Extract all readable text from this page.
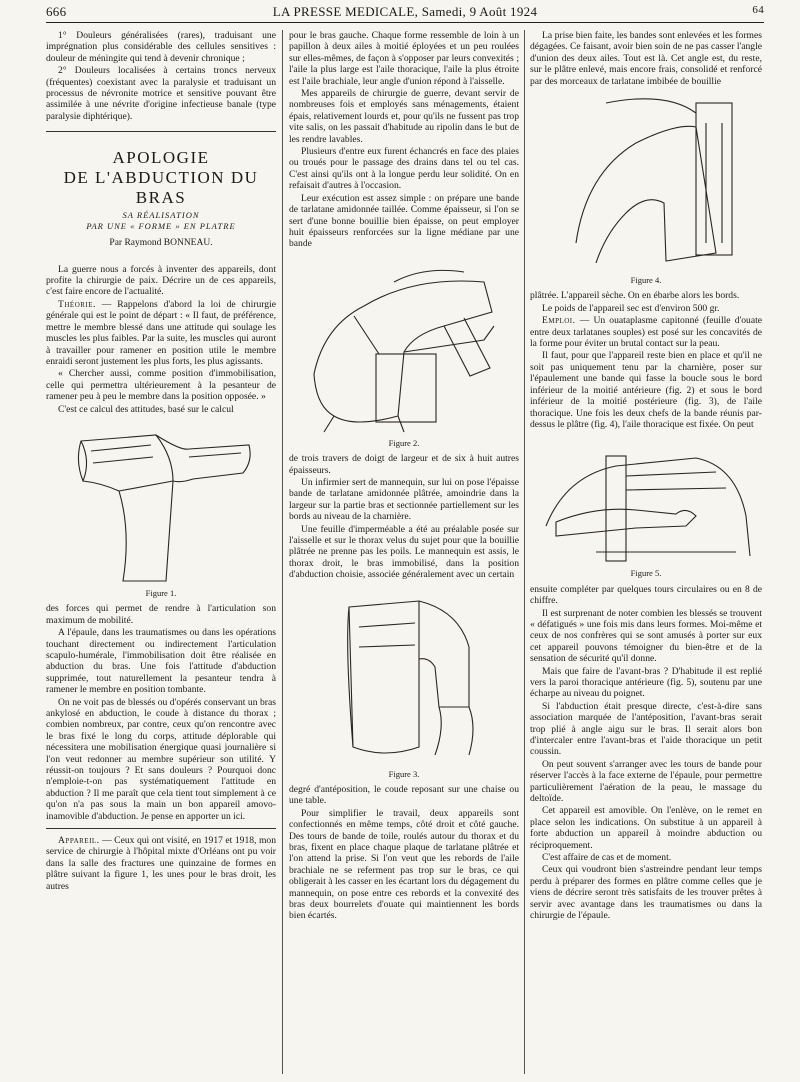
666	LA PRESSE MEDICALE, Samedi, 9 Août 1924	64

1° Douleurs généralisées (rares), traduisant une imprégnation plus considérable des cellules sensitives : douleur de méningite qui tend à devenir chronique ;

2° Douleurs localisées à certains troncs nerveux (fréquentes) coexistant avec la paralysie et traduisant un processus de névronite motrice et sensitive pouvant être assimilée à une névrite d'origine infectieuse banale (type paralysie diphtérique).

APOLOGIE
DE L'ABDUCTION DU BRAS

SA RÉALISATION
PAR UNE « FORME » EN PLATRE

Par Raymond BONNEAU.

La guerre nous a forcés à inventer des appareils, dont profite la chirurgie de paix. Décrire un de ces appareils, c'est faire encore de l'actualité.

Théorie. — Rappelons d'abord la loi de chirurgie générale qui est le point de départ : « Il faut, de préférence, mettre le membre blessé dans une attitude qui soulage les muscles les plus faibles. Par la suite, les muscles qui auront à travailler pour ramener en position utile le membre enraidi seront justement les plus forts, les plus agissants.

« Chercher aussi, comme position d'immobilisation, celle qui permettra ultérieurement à la pesanteur de ramener peu à peu le membre dans la position opposée. »

C'est ce calcul des attitudes, basé sur le calcul

Figure 1.

des forces qui permet de rendre à l'articulation son maximum de mobilité.

A l'épaule, dans les traumatismes ou dans les opérations touchant directement ou indirectement l'articulation scapulo-humérale, l'immobilisation doit être réalisée en abduction du bras. Une fois l'attitude d'abduction supprimée, tout naturellement la pesanteur tendra à ramener le membre en position tombante.

On ne voit pas de blessés ou d'opérés conservant un bras ankylosé en abduction, le coude à distance du thorax ; combien nombreux, par contre, ceux qu'on rencontre avec le bras fixé le long du corps, attitude déplorable qui nécessitera une mobilisation énergique quasi journalière si l'on veut redonner au membre supérieur son utilité. Y réussit-on toujours ? Et sans douleurs ? Pourquoi donc n'emploie-t-on pas systématiquement l'attitude en abduction ? Il me paraît que cela tient tout simplement à ce qu'on n'a pas sous la main un bon appareil amovo-inamovible d'abduction. Je pense en apporter un ici.

Appareil. — Ceux qui ont visité, en 1917 et 1918, mon service de chirurgie à l'hôpital mixte d'Orléans ont pu voir dans la salle des fractures une quinzaine de formes en plâtre suivant la figure 1, les unes pour le bras droit, les autres

pour le bras gauche. Chaque forme ressemble de loin à un papillon à deux ailes à moitié éployées et un peu roulées sur elles-mêmes, de façon à s'opposer par leurs convexités ; l'aile la plus large est l'aile thoracique, l'aile la plus étroite est l'aile brachiale, leur angle d'union répond à l'aisselle.

Mes appareils de chirurgie de guerre, devant servir de nombreuses fois et employés sans ménagements, étaient épais, relativement lourds et, pour qu'ils ne fussent pas trop vite salis, on les passait d'habitude au ripolin dans le but de les rendre lavables.

Plusieurs d'entre eux furent échancrés en face des plaies ou troués pour le passage des drains dans tel ou tel cas. C'est ainsi qu'ils ont à la longue perdu leur solidité. On en refaisait d'autres à l'occasion.

Leur exécution est assez simple : on prépare une bande de tarlatane amidonnée taillée. Comme épaisseur, si l'on se sert d'une bonne bouillie bien épaisse, on peut employer huit épaisseurs renforcées sur la ligne médiane par une bande

Figure 2.

de trois travers de doigt de largeur et de six à huit autres épaisseurs.

Un infirmier sert de mannequin, sur lui on pose l'épaisse bande de tarlatane amidonnée plâtrée, amoindrie dans la largeur sur la partie bras et sectionnée partiellement sur les bords au niveau de la charnière.

Une feuille d'imperméable a été au préalable posée sur l'aisselle et sur le thorax velus du sujet pour que la bouillie plâtrée ne prenne pas les poils. Le mannequin est assis, le thorax droit, le bras immobilisé, dans la position d'abduction choisie, associée généralement avec un certain

Figure 3.

degré d'antéposition, le coude reposant sur une chaise ou une table.

Pour simplifier le travail, deux appareils sont confectionnés en même temps, côté droit et côté gauche. Des tours de bande de toile, roulés autour du thorax et du bras, fixent en place chaque plaque de tarlatane plâtrée et l'on attend la prise. Si l'on veut que les rebords de l'aile brachiale ne se referment pas trop sur le bras, ce qui obligerait à les casser en les écartant lors du dégagement du mannequin, on pose entre ces rebords et la convexité des bras deux bourrelets d'ouate qui maintiennent les bords bien écartés.

La prise bien faite, les bandes sont enlevées et les formes dégagées. Ce faisant, avoir bien soin de ne pas casser l'angle d'union des deux ailes. Tout est là. Cet angle est, du reste, sur le plâtre enlevé, mais encore frais, consolidé et renforcé par des morceaux de tarlatane imbibée de bouillie

Figure 4.

plâtrée. L'appareil sèche. On en ébarbe alors les bords.

Le poids de l'appareil sec est d'environ 500 gr.

Emploi. — Un ouataplasme capitonné (feuille d'ouate entre deux tarlatanes souples) est posé sur les concavités de la forme pour éviter un brutal contact sur la peau.

Il faut, pour que l'appareil reste bien en place et qu'il ne soit pas uniquement tenu par la charnière, poser sur l'épaulement une bande qui fasse la boucle sous le bord inférieur de la moitié antérieure (fig. 2) et sous le bord inférieur de la moitié postérieure (fig. 3), de l'aile thoracique. Une fois les deux chefs de la bande réunis par-dessus le plâtre (fig. 4), l'aile thoracique est fixée. On peut

Figure 5.

ensuite compléter par quelques tours circulaires ou en 8 de chiffre.

Il est surprenant de noter combien les blessés se trouvent « défatigués » une fois mis dans leurs formes. Moi-même et ceux de nos confrères qui se sont amusés à porter sur eux cet appareil pouvons témoigner du bien-être et de la sensation de sécurité qu'il donne.

Mais que faire de l'avant-bras ? D'habitude il est replié vers la paroi thoracique antérieure (fig. 5), soutenu par une écharpe au niveau du poignet.

Si l'abduction était presque directe, c'est-à-dire sans association marquée de l'antéposition, l'avant-bras serait trop plié à angle aigu sur le bras. Il serait alors bon d'intercaler entre l'avant-bras et l'aide thoracique un petit coussin.

On peut souvent s'arranger avec les tours de bande pour réserver l'accès à la face externe de l'épaule, pour permettre particulièrement l'aération de la peau, le massage du deltoïde.

Cet appareil est amovible. On l'enlève, on le remet en place selon les indications. On substitue à un appareil à forte abduction un appareil à moindre abduction ou réciproquement.

C'est affaire de cas et de moment.

Ceux qui voudront bien s'astreindre pendant leur temps perdu à préparer des formes en plâtre comme celles que je viens de décrire seront très satisfaits de les trouver prêtes à servir avec avantage dans les traumatismes ou dans la chirurgie de l'épaule.
